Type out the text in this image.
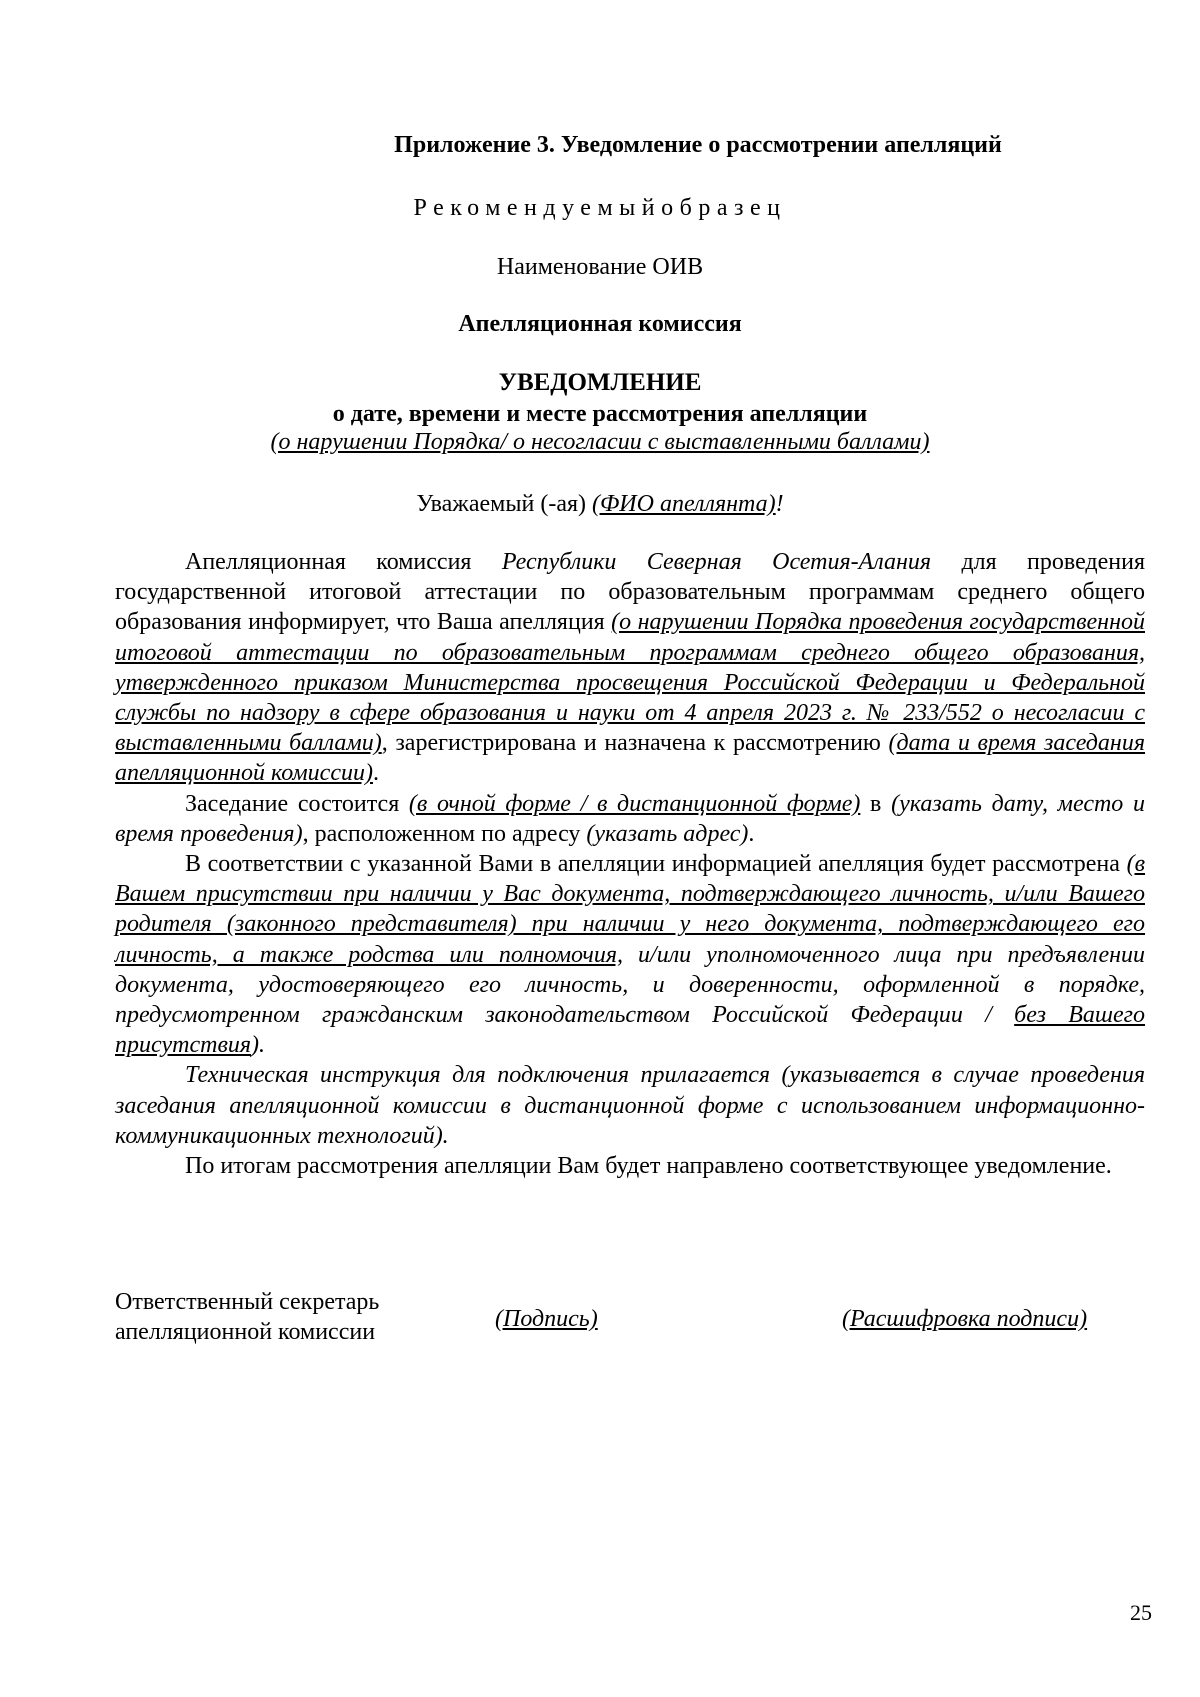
Приложение 3. Уведомление о рассмотрении апелляций

Рекомендуемыйобразец

Наименование ОИВ

Апелляционная комиссия

УВЕДОМЛЕНИЕ

о дате, времени и месте рассмотрения апелляции

(о нарушении Порядка/ о несогласии с выставленными баллами)

Уважаемый (-ая) (ФИО апеллянта)!

Апелляционная комиссия Республики Северная Осетия-Алания для проведения государственной итоговой аттестации по образовательным программам среднего общего образования информирует, что Ваша апелляция (о нарушении Порядка проведения государственной итоговой аттестации по образовательным программам среднего общего образования, утвержденного приказом Министерства просвещения Российской Федерации и Федеральной службы по надзору в сфере образования и науки от 4 апреля 2023 г. № 233/552 о несогласии с выставленными баллами), зарегистрирована и назначена к рассмотрению (дата и время заседания апелляционной комиссии).

Заседание состоится (в очной форме / в дистанционной форме) в (указать дату, место и время проведения), расположенном по адресу (указать адрес).

В соответствии с указанной Вами в апелляции информацией апелляция будет рассмотрена (в Вашем присутствии при наличии у Вас документа, подтверждающего личность, и/или Вашего родителя (законного представителя) при наличии у него документа, подтверждающего его личность, а также родства или полномочия, и/или уполномоченного лица при предъявлении документа, удостоверяющего его личность, и доверенности, оформленной в порядке, предусмотренном гражданским законодательством Российской Федерации / без Вашего присутствия).

Техническая инструкция для подключения прилагается (указывается в случае проведения заседания апелляционной комиссии в дистанционной форме с использованием информационно-коммуникационных технологий).

По итогам рассмотрения апелляции Вам будет направлено соответствующее уведомление.

Ответственный секретарь
апелляционной комиссии	(Подпись)	(Расшифровка подписи)
25
